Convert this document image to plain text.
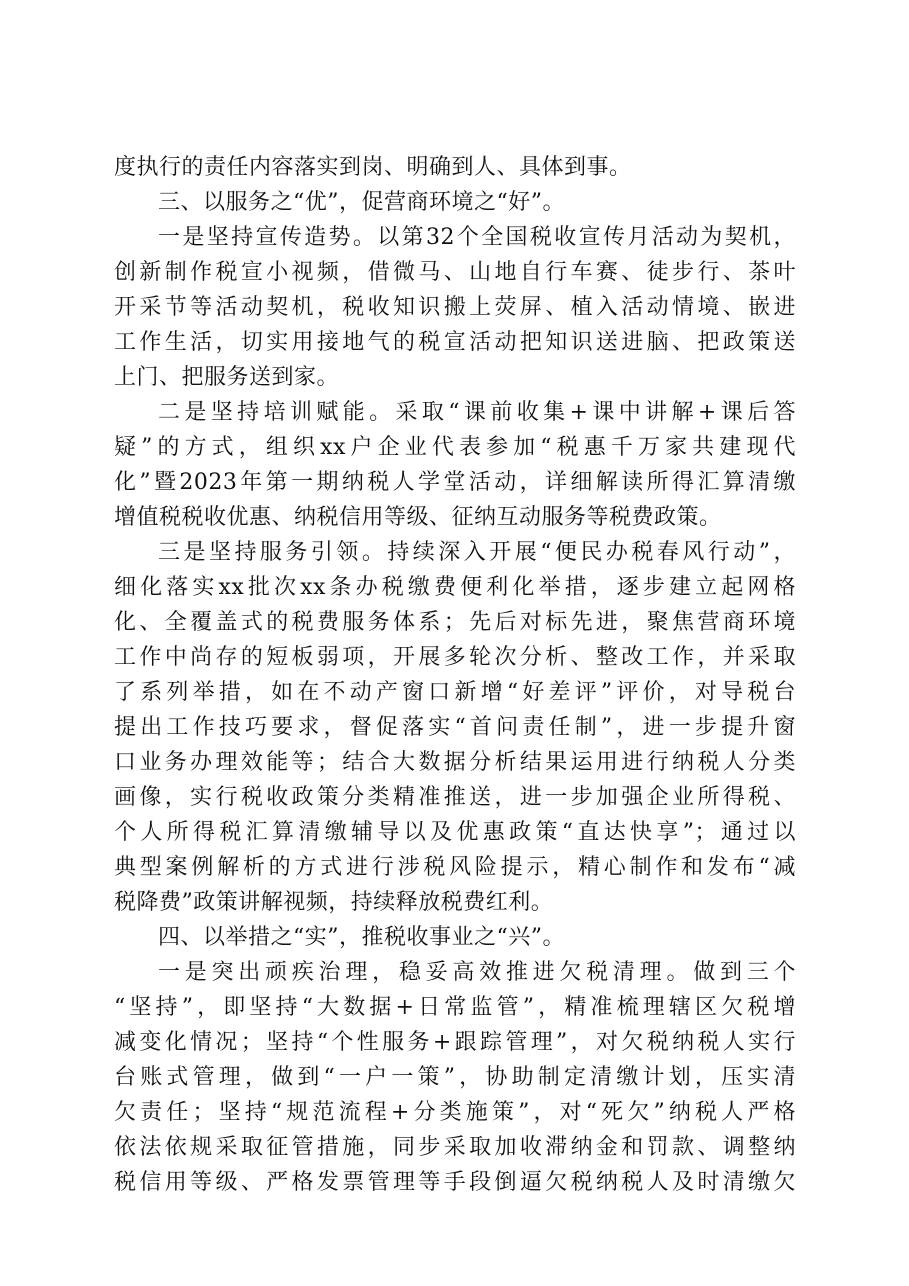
度执行的责任内容落实到岗、明确到人、具体到事。
三、以服务之“优”，促营商环境之“好”。
一是坚持宣传造势。以第32个全国税收宣传月活动为契机，
创新制作税宣小视频，借微马、山地自行车赛、徒步行、茶叶
开采节等活动契机，税收知识搬上荧屏、植入活动情境、嵌进
工作生活，切实用接地气的税宣活动把知识送进脑、把政策送
上门、把服务送到家。
二是坚持培训赋能。采取“课前收集+课中讲解+课后答
疑”的方式，组织xx户企业代表参加“税惠千万家共建现代
化”暨2023年第一期纳税人学堂活动，详细解读所得汇算清缴
增值税税收优惠、纳税信用等级、征纳互动服务等税费政策。
三是坚持服务引领。持续深入开展“便民办税春风行动”，
细化落实xx批次xx条办税缴费便利化举措，逐步建立起网格
化、全覆盖式的税费服务体系；先后对标先进，聚焦营商环境
工作中尚存的短板弱项，开展多轮次分析、整改工作，并采取
了系列举措，如在不动产窗口新增“好差评”评价，对导税台
提出工作技巧要求，督促落实“首问责任制”，进一步提升窗
口业务办理效能等；结合大数据分析结果运用进行纳税人分类
画像，实行税收政策分类精准推送，进一步加强企业所得税、
个人所得税汇算清缴辅导以及优惠政策“直达快享”；通过以
典型案例解析的方式进行涉税风险提示，精心制作和发布“减
税降费”政策讲解视频，持续释放税费红利。
四、以举措之“实”，推税收事业之“兴”。
一是突出顽疾治理，稳妥高效推进欠税清理。做到三个
“坚持”，即坚持“大数据+日常监管”，精准梳理辖区欠税增
减变化情况；坚持“个性服务+跟踪管理”，对欠税纳税人实行
台账式管理，做到“一户一策”，协助制定清缴计划，压实清
欠责任；坚持“规范流程+分类施策”，对“死欠”纳税人严格
依法依规采取征管措施，同步采取加收滞纳金和罚款、调整纳
税信用等级、严格发票管理等手段倒逼欠税纳税人及时清缴欠
